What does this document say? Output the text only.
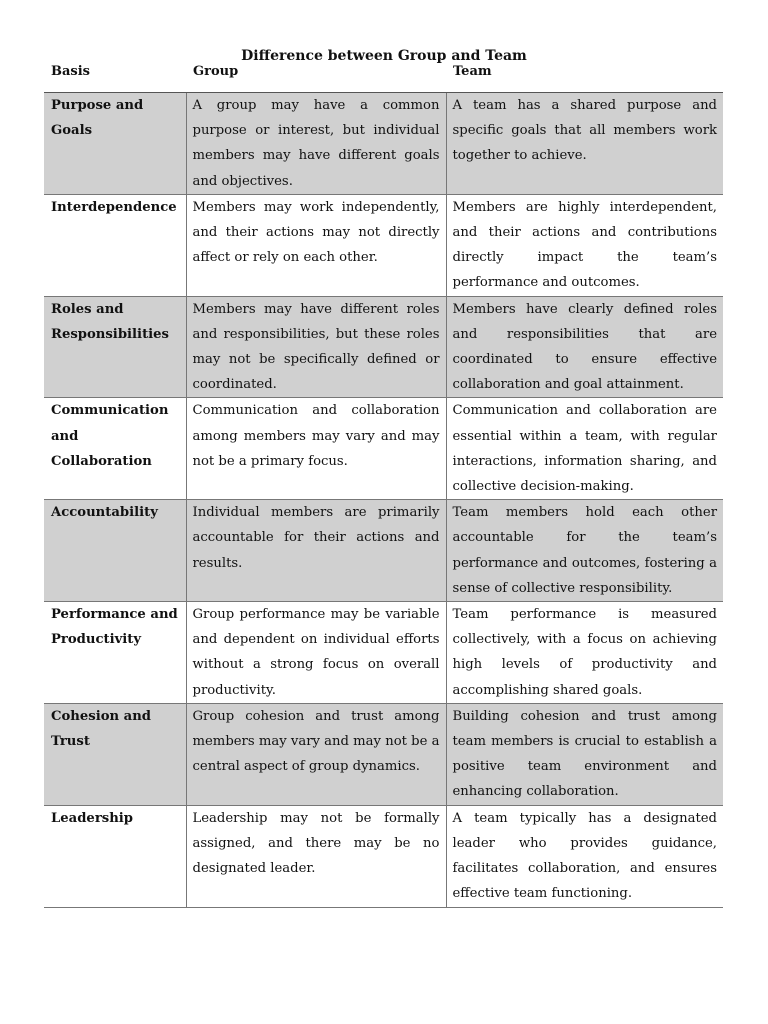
Difference between Group and Team
Basis	Group	Team
Purpose and Goals	A group may have a common purpose or interest, but individual members may have different goals and objectives.	A team has a shared purpose and specific goals that all members work together to achieve.
Interdependence	Members may work independently, and their actions may not directly affect or rely on each other.	Members are highly interdependent, and their actions and contributions directly impact the team’s performance and outcomes.
Roles and Responsibilities	Members may have different roles and responsibilities, but these roles may not be specifically defined or coordinated.	Members have clearly defined roles and responsibilities that are coordinated to ensure effective collaboration and goal attainment.
Communication and Collaboration	Communication and collaboration among members may vary and may not be a primary focus.	Communication and collaboration are essential within a team, with regular interactions, information sharing, and collective decision-making.
Accountability	Individual members are primarily accountable for their actions and results.	Team members hold each other accountable for the team’s performance and outcomes, fostering a sense of collective responsibility.
Performance and Productivity	Group performance may be variable and dependent on individual efforts without a strong focus on overall productivity.	Team performance is measured collectively, with a focus on achieving high levels of productivity and accomplishing shared goals.
Cohesion and Trust	Group cohesion and trust among members may vary and may not be a central aspect of group dynamics.	Building cohesion and trust among team members is crucial to establish a positive team environment and enhancing collaboration.
Leadership	Leadership may not be formally assigned, and there may be no designated leader.	A team typically has a designated leader who provides guidance, facilitates collaboration, and ensures effective team functioning.
